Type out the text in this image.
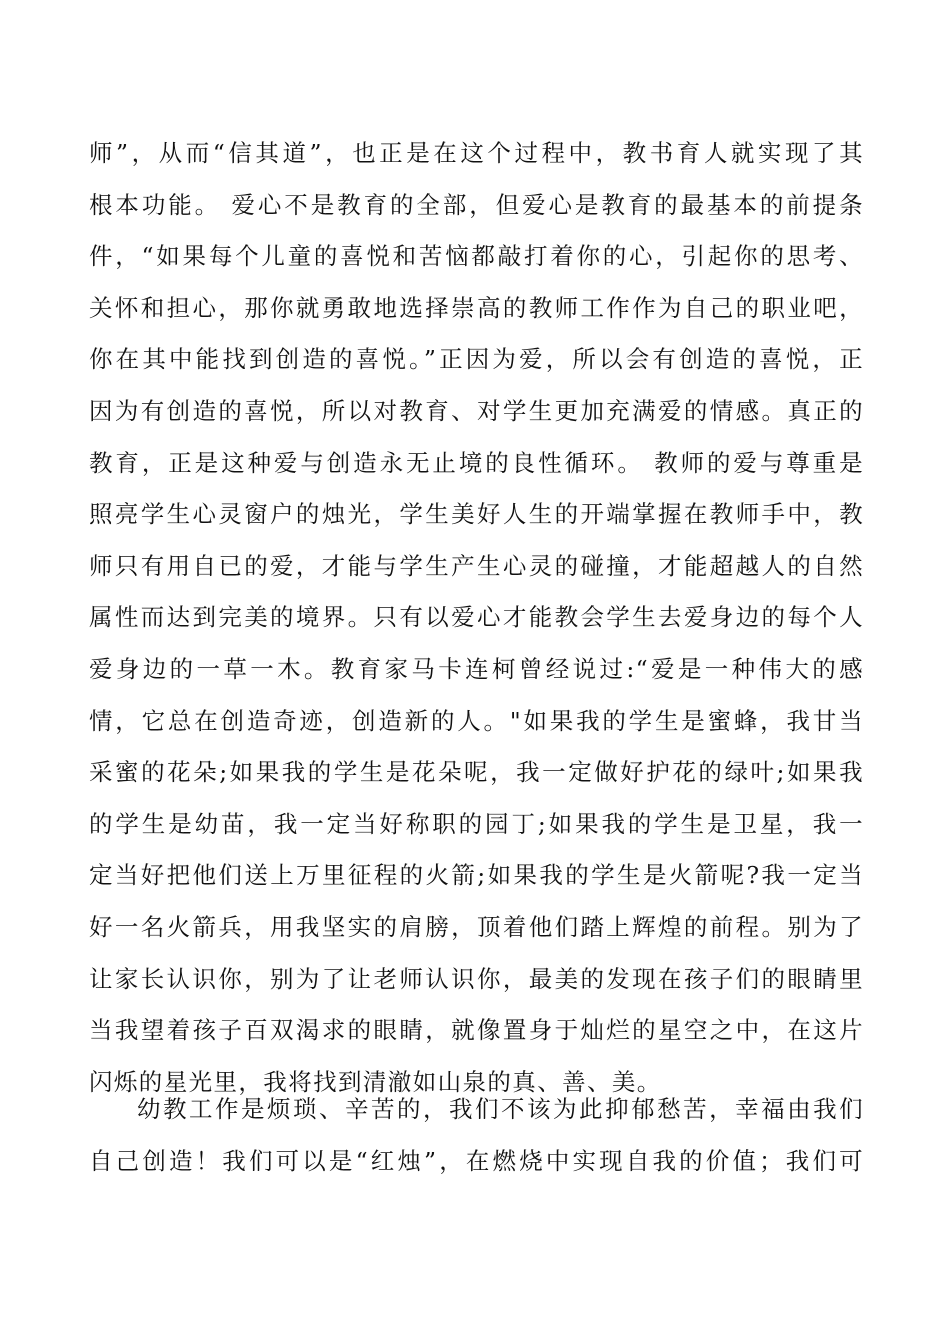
师”，从而“信其道”，也正是在这个过程中，教书育人就实现了其
根本功能。 爱心不是教育的全部，但爱心是教育的最基本的前提条
件，“如果每个儿童的喜悦和苦恼都敲打着你的心，引起你的思考、
关怀和担心，那你就勇敢地选择崇高的教师工作作为自己的职业吧，
你在其中能找到创造的喜悦。”正因为爱，所以会有创造的喜悦，正
因为有创造的喜悦，所以对教育、对学生更加充满爱的情感。真正的
教育，正是这种爱与创造永无止境的良性循环。 教师的爱与尊重是
照亮学生心灵窗户的烛光，学生美好人生的开端掌握在教师手中，教
师只有用自已的爱，才能与学生产生心灵的碰撞，才能超越人的自然
属性而达到完美的境界。只有以爱心才能教会学生去爱身边的每个人
爱身边的一草一木。教育家马卡连柯曾经说过:“爱是一种伟大的感
情，它总在创造奇迹，创造新的人。"如果我的学生是蜜蜂，我甘当
采蜜的花朵;如果我的学生是花朵呢，我一定做好护花的绿叶;如果我
的学生是幼苗，我一定当好称职的园丁;如果我的学生是卫星，我一
定当好把他们送上万里征程的火箭;如果我的学生是火箭呢?我一定当
好一名火箭兵，用我坚实的肩膀，顶着他们踏上辉煌的前程。别为了
让家长认识你，别为了让老师认识你，最美的发现在孩子们的眼睛里
当我望着孩子百双渴求的眼睛，就像置身于灿烂的星空之中，在这片
闪烁的星光里，我将找到清澈如山泉的真、善、美。
幼教工作是烦琐、辛苦的，我们不该为此抑郁愁苦，幸福由我们
自己创造！我们可以是“红烛”，在燃烧中实现自我的价值；我们可
